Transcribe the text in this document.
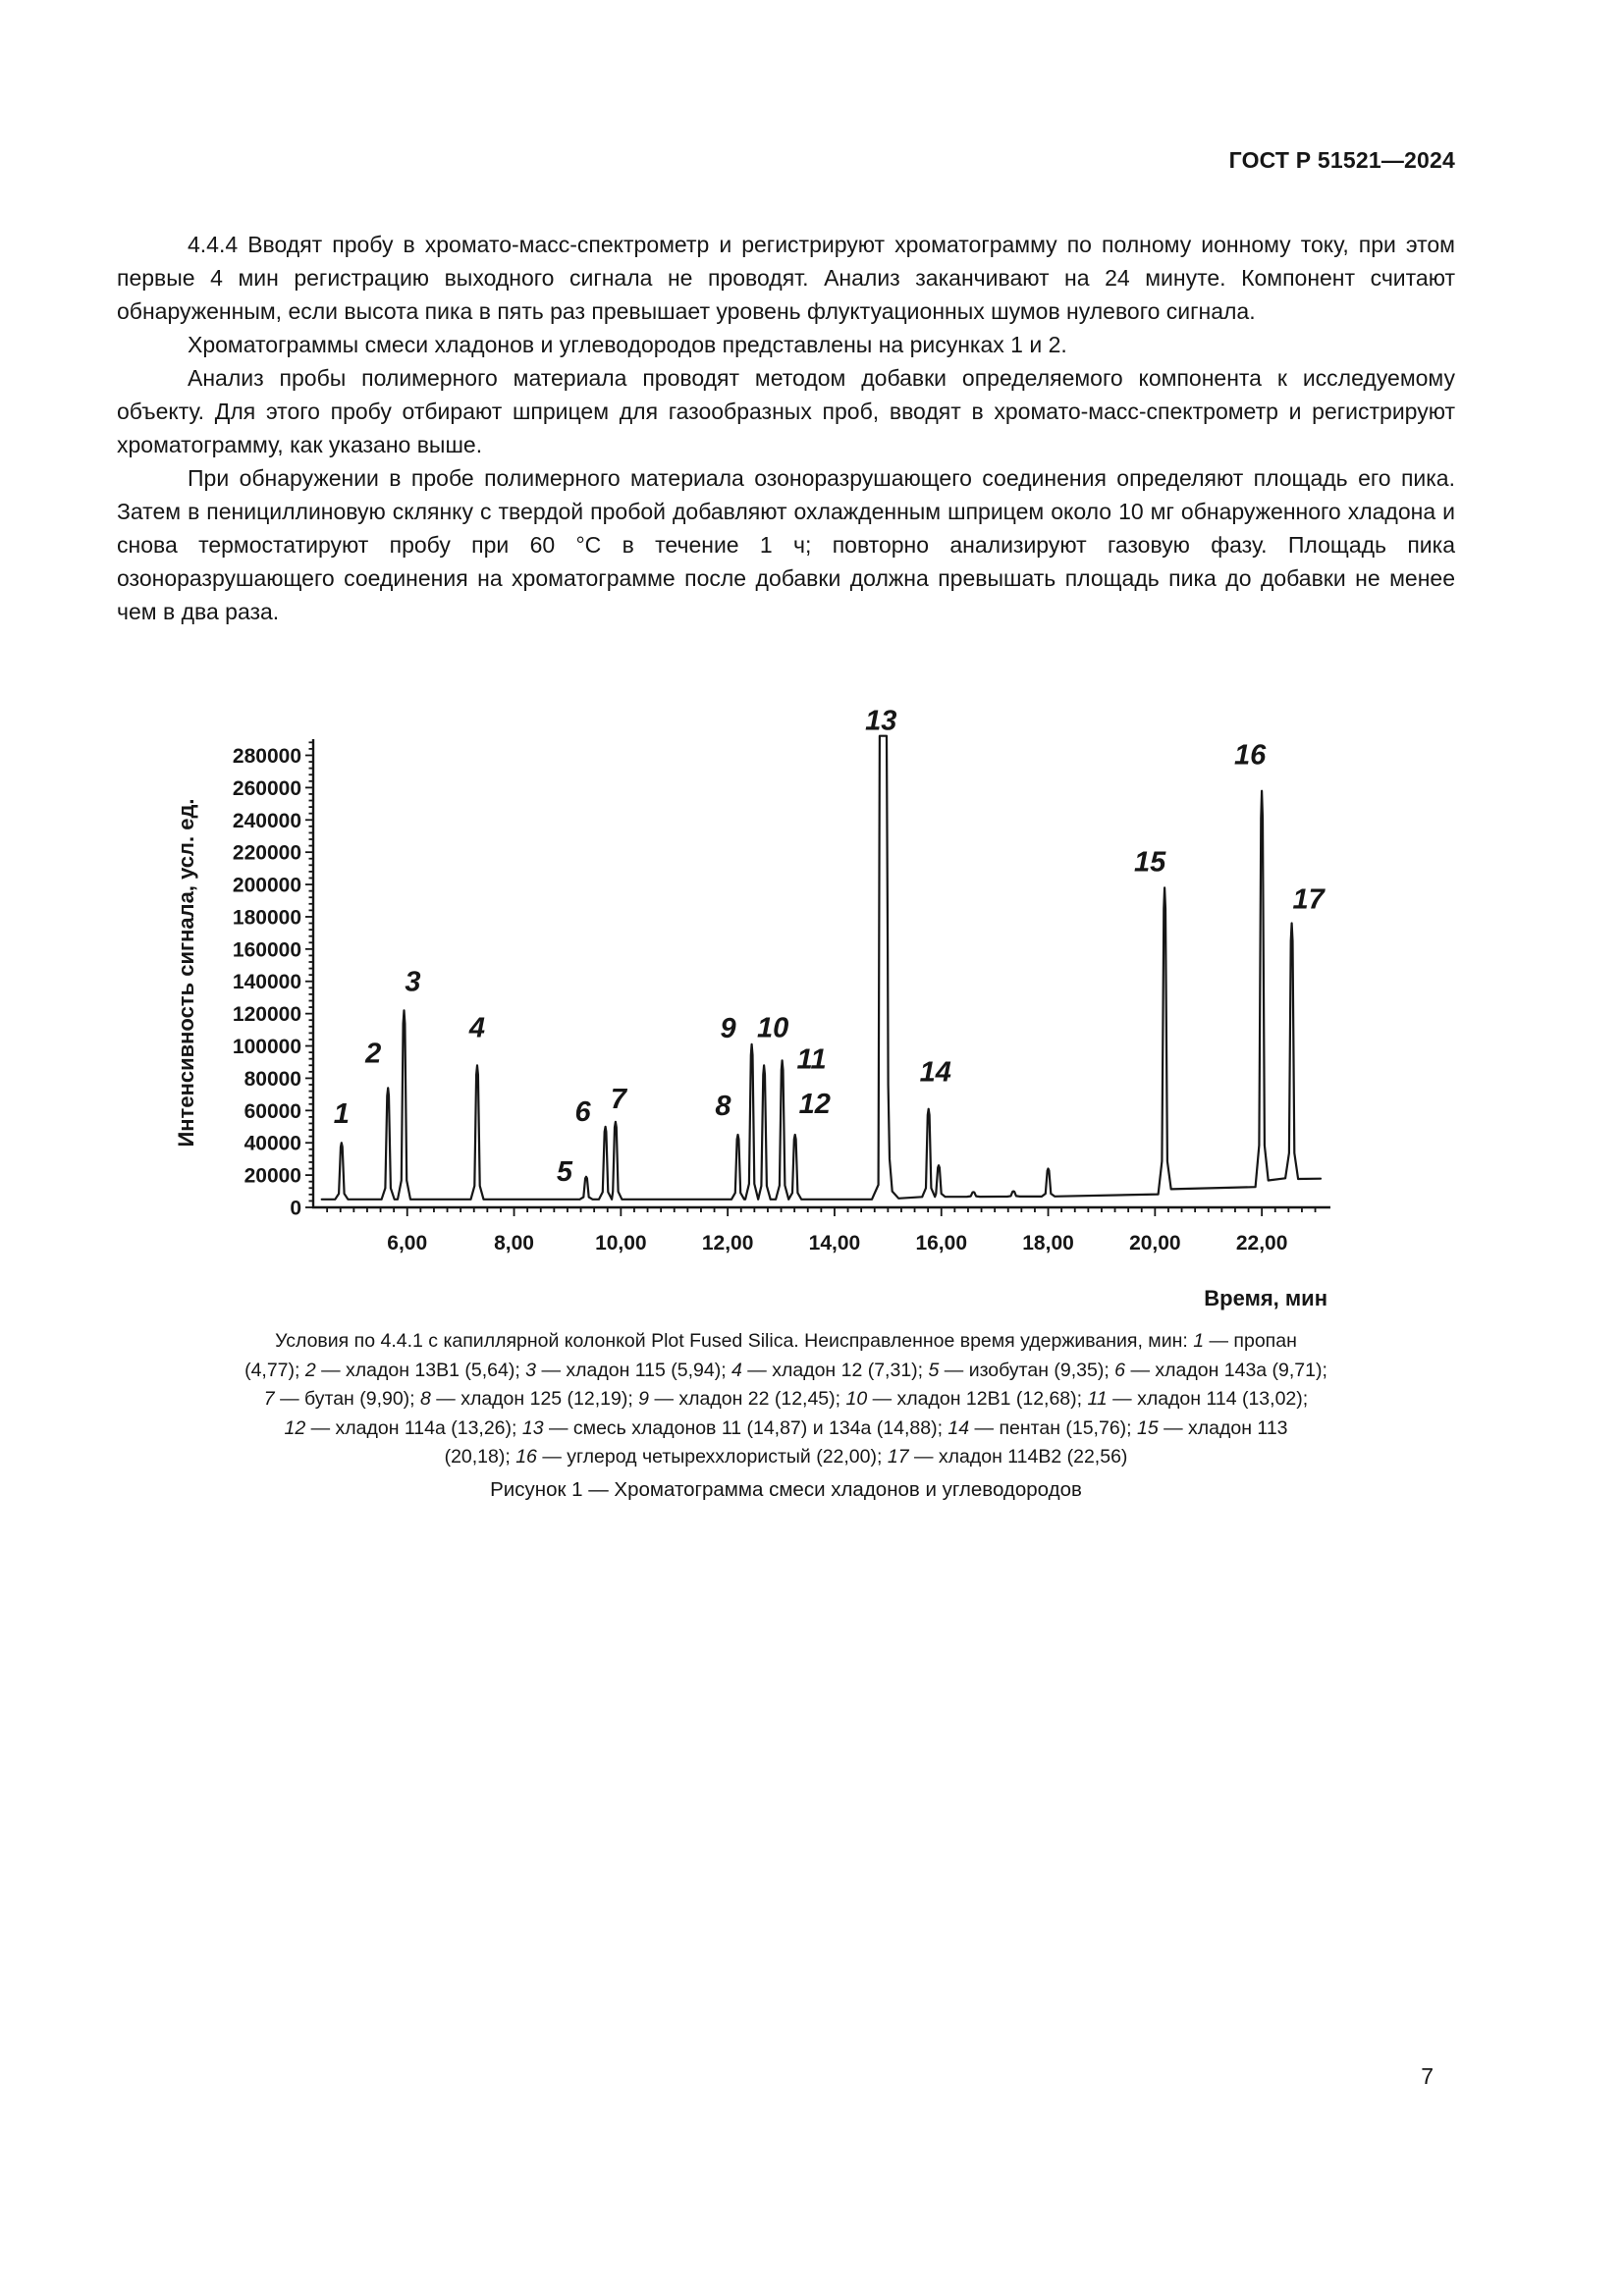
ГОСТ Р 51521—2024

4.4.4 Вводят пробу в хромато-масс-спектрометр и регистрируют хроматограмму по полному ионному току, при этом первые 4 мин регистрацию выходного сигнала не проводят. Анализ заканчивают на 24 минуте. Компонент считают обнаруженным, если высота пика в пять раз превышает уровень флуктуационных шумов нулевого сигнала.

Хроматограммы смеси хладонов и углеводородов представлены на рисунках 1 и 2.

Анализ пробы полимерного материала проводят методом добавки определяемого компонента к исследуемому объекту. Для этого пробу отбирают шприцем для газообразных проб, вводят в хромато-масс-спектрометр и регистрируют хроматограмму, как указано выше.

При обнаружении в пробе полимерного материала озоноразрушающего соединения определяют площадь его пика. Затем в пенициллиновую склянку с твердой пробой добавляют охлажденным шприцем около 10 мг обнаруженного хладона и снова термостатируют пробу при 60 °С в течение 1 ч; повторно анализируют газовую фазу. Площадь пика озоноразрушающего соединения на хроматограмме после добавки должна превышать площадь пика до добавки не менее чем в два раза.

0
20000
40000
60000
80000
100000
120000
140000
160000
180000
200000
220000
240000
260000
280000
6,00	8,00	10,00	12,00	14,00	16,00	18,00	20,00	22,00
Интенсивность сигнала, усл. ед.
Время, мин
1
2
3
4
5
6 7	8
9 10
11
12
13
14
15
16
17
Условия по 4.4.1 с капиллярной колонкой Plot Fused Silica. Неисправленное время удерживания, мин: 1 — пропан
(4,77); 2 — хладон 13В1 (5,64); 3 — хладон 115 (5,94); 4 — хладон 12 (7,31); 5 — изобутан (9,35); 6 — хладон 143а (9,71);
7 — бутан (9,90); 8 — хладон 125 (12,19); 9 — хладон 22 (12,45); 10 — хладон 12В1 (12,68); 11 — хладон 114 (13,02);
12 — хладон 114а (13,26); 13 — смесь хладонов 11 (14,87) и 134а (14,88); 14 — пентан (15,76); 15 — хладон 113
(20,18); 16 — углерод четыреххлористый (22,00); 17 — хладон 114В2 (22,56)
Рисунок 1 — Хроматограмма смеси хладонов и углеводородов
7
